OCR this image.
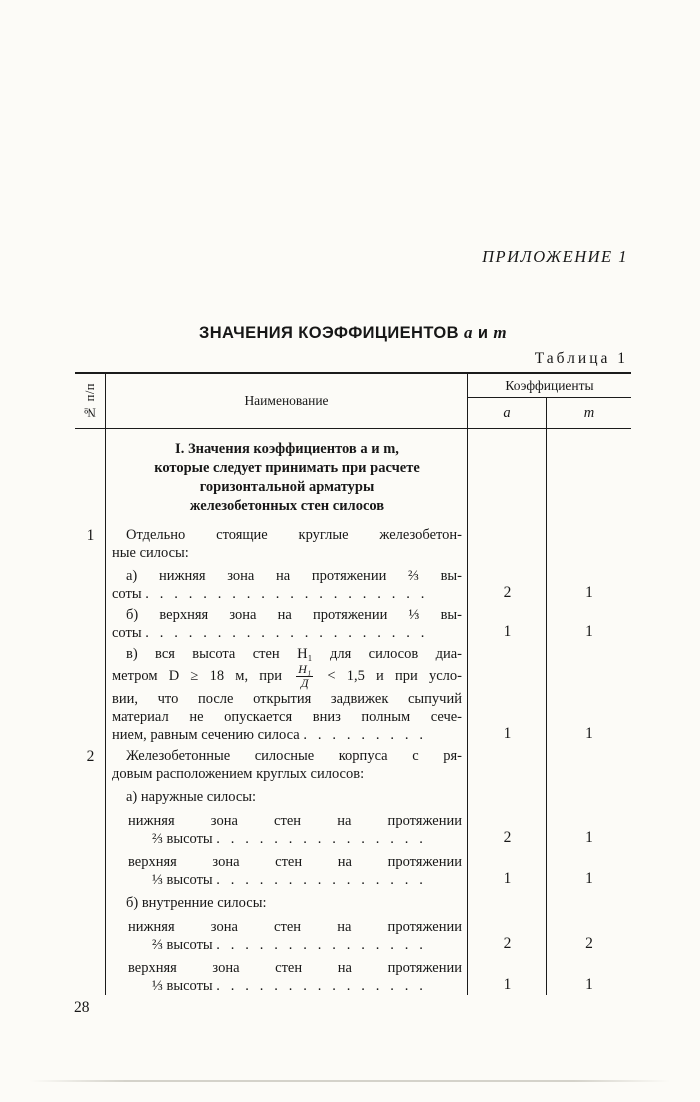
ПРИЛОЖЕНИЕ 1
ЗНАЧЕНИЯ КОЭФФИЦИЕНТОВ a и m
Таблица 1
№ п/п	Наименование
Коэффициенты
a	m
I. Значения коэффициентов a и m,
которые следует принимать при расчете
горизонтальной арматуры
железобетонных стен силосов
1	Отдельно стоящие круглые железобетон-
ные силосы:
а) нижняя зона на протяжении ⅔ вы-
соты .   .   .   .   .   .   .   .   .   .   .   .   .   .   .   .   .   .   .   .	2	1
б) верхняя зона на протяжении ⅓ вы-
соты .   .   .   .   .   .   .   .   .   .   .   .   .   .   .   .   .   .   .   .	1	1
в) вся высота стен H₁ для силосов диа-
метром D ≥ 18 м, при $\frac{\text{H₁}}{Д} < 1,5$ и при усло-
вии, что после открытия задвижек сыпучий
материал не опускается вниз полным сече-
нием, равным сечению силоса .   .   .   .   .   .   .   .   .	1	1
2	Железобетонные силосные корпуса с ря-
довым расположением круглых силосов:
а) наружные силосы:
нижняя зона стен на протяжении
⅔ высоты .   .   .   .   .   .   .   .   .   .   .   .   .   .   .	2	1
верхняя зона стен на протяжении
⅓ высоты .   .   .   .   .   .   .   .   .   .   .   .   .   .   .	1	1
б) внутренние силосы:
нижняя зона стен на протяжении
⅔ высоты .   .   .   .   .   .   .   .   .   .   .   .   .   .   .	2	2
верхняя зона стен на протяжении
⅓ высоты .   .   .   .   .   .   .   .   .   .   .   .   .   .   .	1	1
28
